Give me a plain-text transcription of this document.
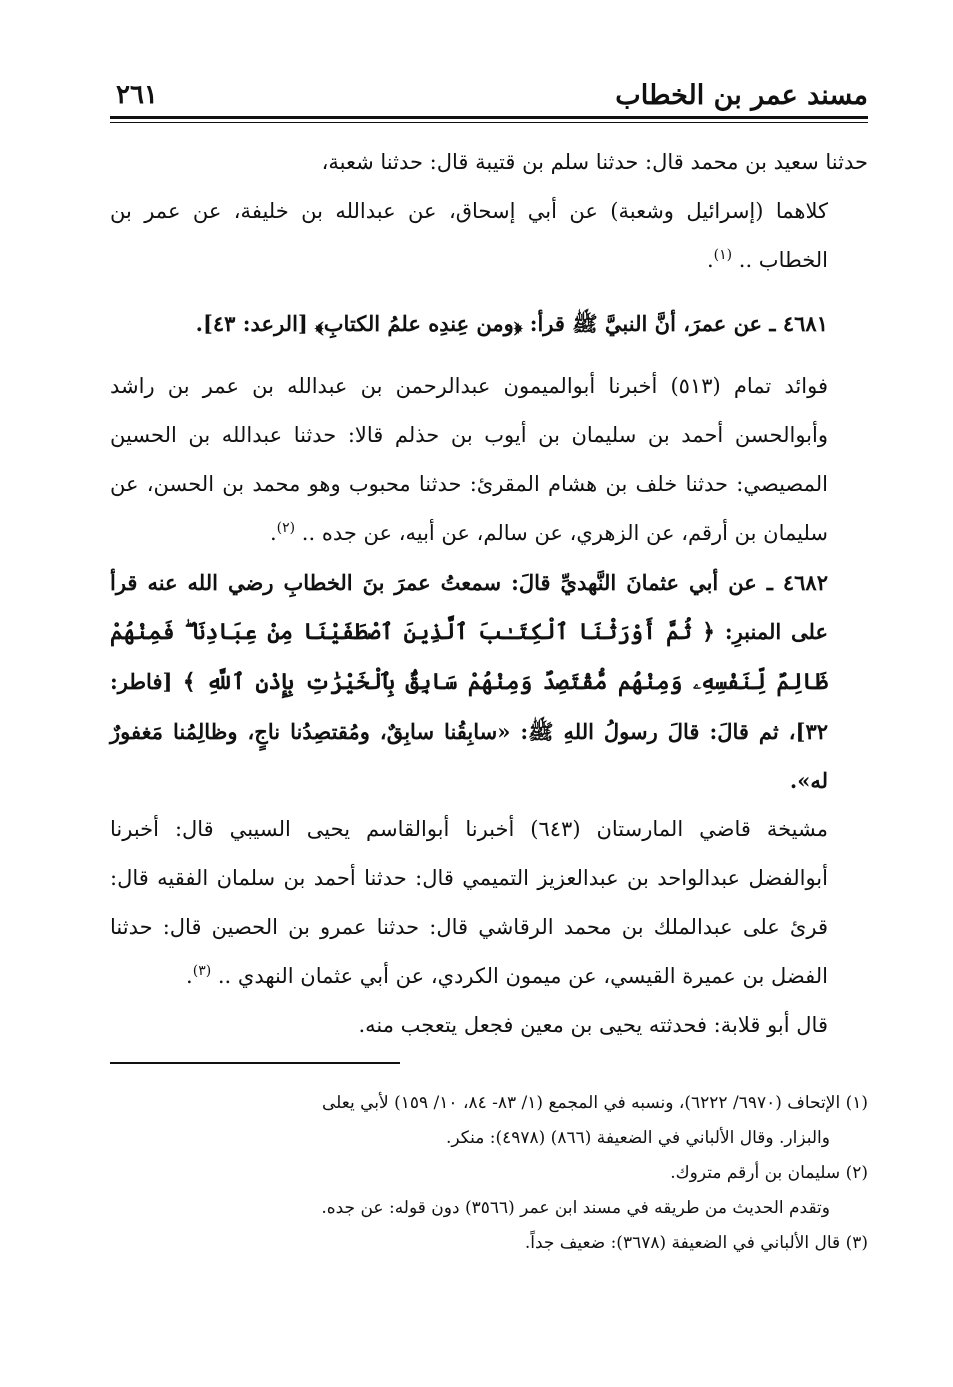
مسند عمر بن الخطاب
٢٦١

حدثنا سعيد بن محمد قال: حدثنا سلم بن قتيبة قال: حدثنا شعبة،

كلاهما (إسرائيل وشعبة) عن أبي إسحاق، عن عبدالله بن خليفة، عن عمر بن الخطاب .. $^{(١)}$.

٤٦٨١ ـ عن عمرَ، أنَّ النبيَّ ﷺ قرأ: ﴿ومن عِندِه علمُ الكتابِ﴾ [الرعد: ٤٣].

فوائد تمام (٥١٣) أخبرنا أبوالميمون عبدالرحمن بن عبدالله بن عمر بن راشد وأبوالحسن أحمد بن سليمان بن أيوب بن حذلم قالا: حدثنا عبدالله بن الحسين المصيصي: حدثنا خلف بن هشام المقرئ: حدثنا محبوب وهو محمد بن الحسن، عن سليمان بن أرقم، عن الزهري، عن سالم، عن أبيه، عن جده .. $^{(٢)}$.

٤٦٨٢ ـ عن أبي عثمانَ النَّهديِّ قالَ: سمعتُ عمرَ بنَ الخطابِ رضي الله عنه قرأ على المنبرِ: ﴿ ثُمَّ أَوْرَثْنَا ٱلْكِتَـٰبَ ٱلَّذِينَ ٱصْطَفَيْنَا مِنْ عِبَادِنَا ۖ فَمِنْهُمْ ظَالِمٌ لِّنَفْسِهِۦ وَمِنْهُم مُّقْتَصِدٌ وَمِنْهُمْ سَابِقٌۢ بِٱلْخَيْرَٰتِ بِإِذْنِ ٱللَّهِ ﴾ [فاطر: ٣٢]، ثم قالَ: قالَ رسولُ اللهِ ﷺ: «سابِقُنا سابِقٌ، ومُقتصِدُنا ناجٍ، وظالِمُنا مَغفورٌ له».

مشيخة قاضي المارستان (٦٤٣) أخبرنا أبوالقاسم يحيى السيبي قال: أخبرنا أبوالفضل عبدالواحد بن عبدالعزيز التميمي قال: حدثنا أحمد بن سلمان الفقيه قال: قرئ على عبدالملك بن محمد الرقاشي قال: حدثنا عمرو بن الحصين قال: حدثنا الفضل بن عميرة القيسي، عن ميمون الكردي، عن أبي عثمان النهدي .. $^{(٣)}$.

قال أبو قلابة: فحدثته يحيى بن معين فجعل يتعجب منه.

(١) الإتحاف (٦٩٧٠/ ٦٢٢٢)، ونسبه في المجمع (١/ ٨٣- ٨٤، ١٠/ ١٥٩) لأبي يعلى

والبزار. وقال الألباني في الضعيفة (٨٦٦) (٤٩٧٨): منكر.

(٢) سليمان بن أرقم متروك.

وتقدم الحديث من طريقه في مسند ابن عمر (٣٥٦٦) دون قوله: عن جده.

(٣) قال الألباني في الضعيفة (٣٦٧٨): ضعيف جداً.
